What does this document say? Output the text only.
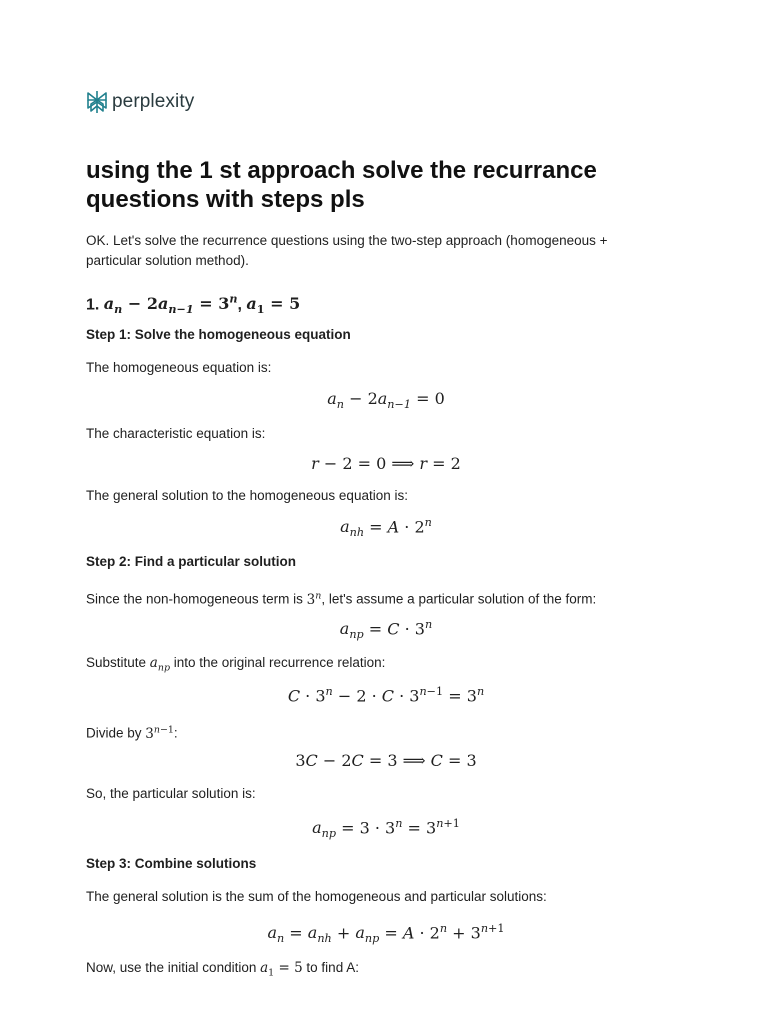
perplexity
using the 1 st approach solve the recurrance questions with steps pls

OK. Let's solve the recurrence questions using the two-step approach (homogeneous + particular solution method).

1. $a_n - 2a_{n-1} = 3^n$, $a_1 = 5$

Step 1: Solve the homogeneous equation

The homogeneous equation is:

$a_n - 2a_{n-1} = 0$

The characteristic equation is:

r − 2 = 0 ⟹ r = 2

The general solution to the homogeneous equation is:

$a_{nh} = A \cdot 2^n$

Step 2: Find a particular solution

Since the non-homogeneous term is 3$^n$, let's assume a particular solution of the form:

$a_{np} = C \cdot 3^n$

Substitute $a_{np}$ into the original recurrence relation:

$C \cdot 3^n - 2 \cdot C \cdot 3^{n-1} = 3^n$

Divide by $3^{n-1}$:

3C − 2C = 3 ⟹ C = 3

So, the particular solution is:

$a_{np} = 3 \cdot 3^n = 3^{n+1}$

Step 3: Combine solutions

The general solution is the sum of the homogeneous and particular solutions:

$a_n = a_{nh} + a_{np} = A \cdot 2^n + 3^{n+1}$

Now, use the initial condition $a_1 = 5$ to find A:
